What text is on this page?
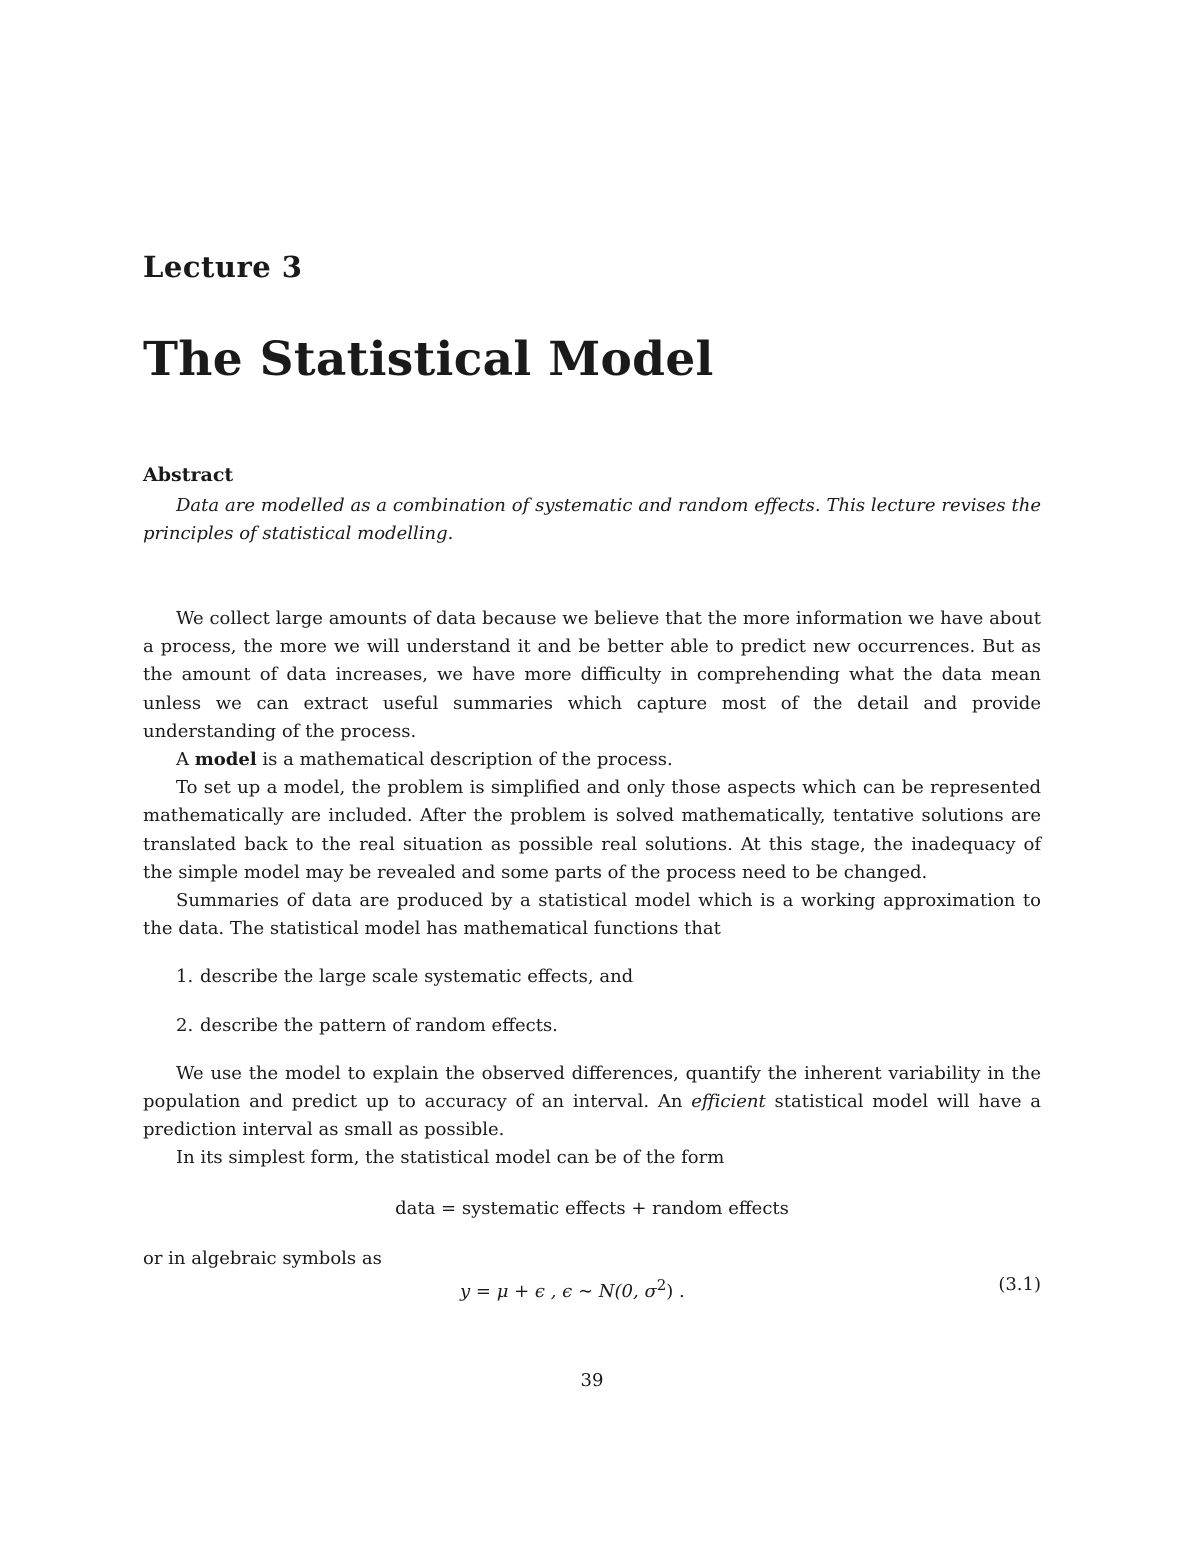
Lecture 3
The Statistical Model
Abstract

Data are modelled as a combination of systematic and random effects. This lecture revises the principles of statistical modelling.

We collect large amounts of data because we believe that the more information we have about a process, the more we will understand it and be better able to predict new occurrences. But as the amount of data increases, we have more difficulty in comprehending what the data mean unless we can extract useful summaries which capture most of the detail and provide understanding of the process.

A model is a mathematical description of the process.

To set up a model, the problem is simplified and only those aspects which can be represented mathematically are included. After the problem is solved mathematically, tentative solutions are translated back to the real situation as possible real solutions. At this stage, the inadequacy of the simple model may be revealed and some parts of the process need to be changed.

Summaries of data are produced by a statistical model which is a working approximation to the data. The statistical model has mathematical functions that

1. describe the large scale systematic effects, and
2. describe the pattern of random effects.

We use the model to explain the observed differences, quantify the inherent variability in the population and predict up to accuracy of an interval. An efficient statistical model will have a prediction interval as small as possible.

In its simplest form, the statistical model can be of the form

data = systematic effects + random effects
or in algebraic symbols as
y = μ + ϵ , ϵ ∼ N(0, $\sigma^2$) .	(3.1)
39
